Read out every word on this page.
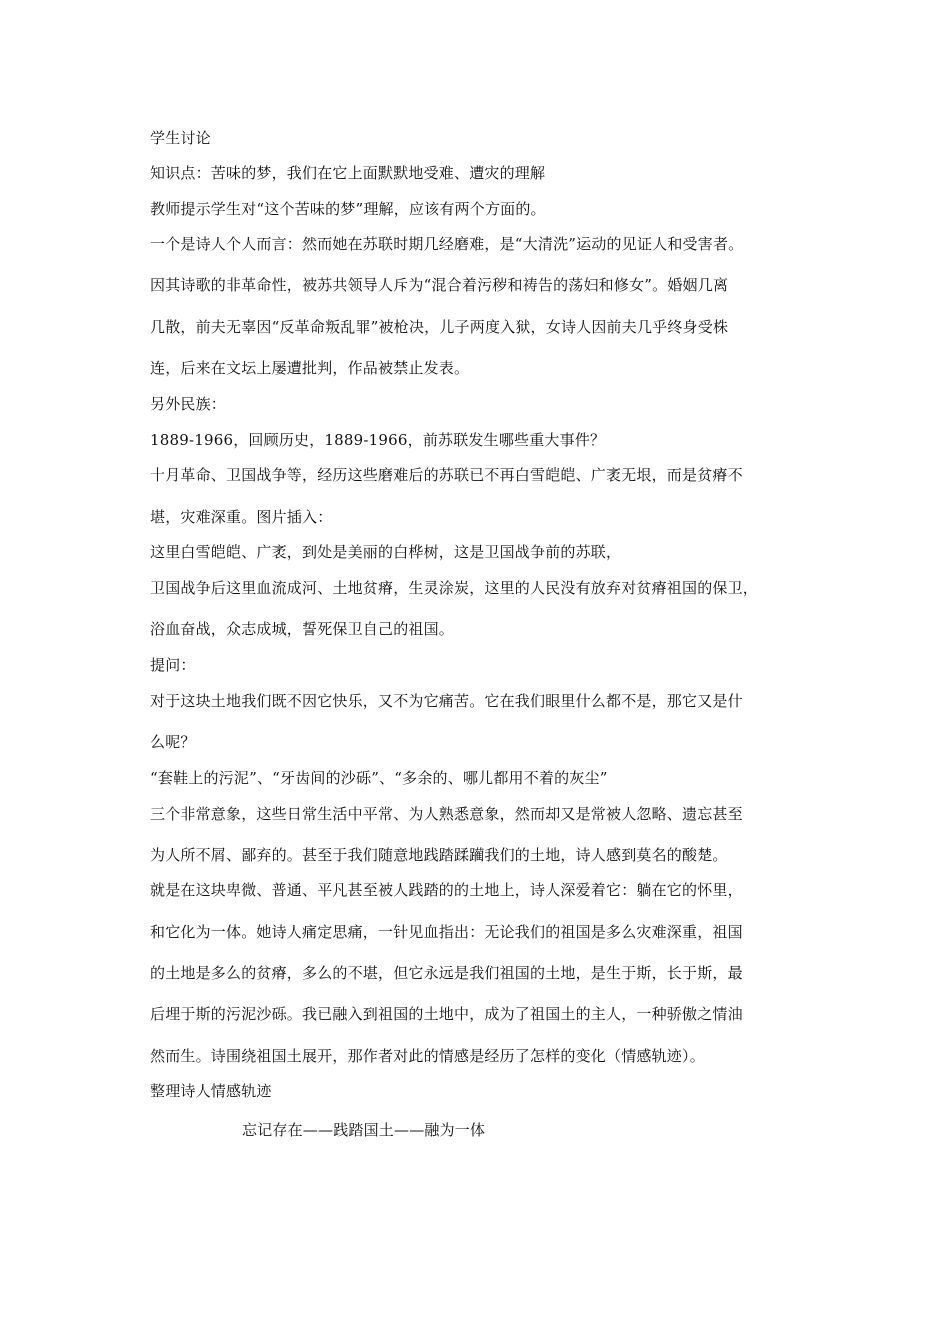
学生讨论
知识点：苦味的梦，我们在它上面默默地受难、遭灾的理解
教师提示学生对“这个苦味的梦”理解，应该有两个方面的。
一个是诗人个人而言：然而她在苏联时期几经磨难，是“大清洗”运动的见证人和受害者。
因其诗歌的非革命性，被苏共领导人斥为“混合着污秽和祷告的荡妇和修女”。婚姻几离
几散，前夫无辜因“反革命叛乱罪”被枪决，儿子两度入狱，女诗人因前夫几乎终身受株
连，后来在文坛上屡遭批判，作品被禁止发表。
另外民族：
1889-1966，回顾历史，1889-1966，前苏联发生哪些重大事件？
十月革命、卫国战争等，经历这些磨难后的苏联已不再白雪皑皑、广袤无垠，而是贫瘠不
堪，灾难深重。图片插入：
这里白雪皑皑、广袤，到处是美丽的白桦树，这是卫国战争前的苏联，
卫国战争后这里血流成河、土地贫瘠，生灵涂炭，这里的人民没有放弃对贫瘠祖国的保卫，
浴血奋战，众志成城，誓死保卫自己的祖国。
提问：
对于这块土地我们既不因它快乐，又不为它痛苦。它在我们眼里什么都不是，那它又是什
么呢？
“套鞋上的污泥”、“牙齿间的沙砾”、“多余的、哪儿都用不着的灰尘”
三个非常意象，这些日常生活中平常、为人熟悉意象，然而却又是常被人忽略、遗忘甚至
为人所不屑、鄙弃的。甚至于我们随意地践踏蹂躏我们的土地，诗人感到莫名的酸楚。
就是在这块卑微、普通、平凡甚至被人践踏的的土地上，诗人深爱着它：躺在它的怀里，
和它化为一体。她诗人痛定思痛，一针见血指出：无论我们的祖国是多么灾难深重，祖国
的土地是多么的贫瘠，多么的不堪，但它永远是我们祖国的土地，是生于斯，长于斯，最
后埋于斯的污泥沙砾。我已融入到祖国的土地中，成为了祖国土的主人，一种骄傲之情油
然而生。诗围绕祖国土展开，那作者对此的情感是经历了怎样的变化（情感轨迹）。
整理诗人情感轨迹
忘记存在——践踏国土——融为一体
